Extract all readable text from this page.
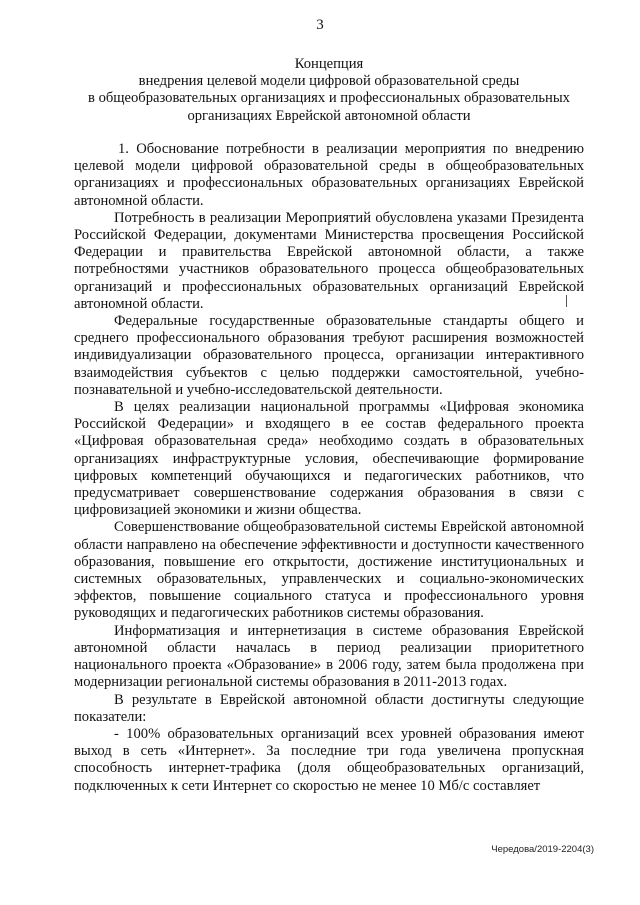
3
Концепция
внедрения целевой модели цифровой образовательной среды
в общеобразовательных организациях и профессиональных образовательных
организациях Еврейской автономной области

1. Обоснование потребности в реализации мероприятия по внедрению целевой модели цифровой образовательной среды в общеобразовательных организациях и профессиональных образовательных организациях Еврейской автономной области.

Потребность в реализации Мероприятий обусловлена указами Президента Российской Федерации, документами Министерства просвещения Российской Федерации и правительства Еврейской автономной области, а также потребностями участников образовательного процесса общеобразовательных организаций и профессиональных образовательных организаций Еврейской автономной области.

Федеральные государственные образовательные стандарты общего и среднего профессионального образования требуют расширения возможностей индивидуализации образовательного процесса, организации интерактивного взаимодействия субъектов с целью поддержки самостоятельной, учебно-познавательной и учебно-исследовательской деятельности.

В целях реализации национальной программы «Цифровая экономика Российской Федерации» и входящего в ее состав федерального проекта «Цифровая образовательная среда» необходимо создать в образовательных организациях инфраструктурные условия, обеспечивающие формирование цифровых компетенций обучающихся и педагогических работников, что предусматривает совершенствование содержания образования в связи с цифровизацией экономики и жизни общества.

Совершенствование общеобразовательной системы Еврейской автономной области направлено на обеспечение эффективности и доступности качественного образования, повышение его открытости, достижение институциональных и системных образовательных, управленческих и социально-экономических эффектов, повышение социального статуса и профессионального уровня руководящих и педагогических работников системы образования.

Информатизация и интернетизация в системе образования Еврейской автономной области началась в период реализации приоритетного национального проекта «Образование» в 2006 году, затем была продолжена при модернизации региональной системы образования в 2011-2013 годах.

В результате в Еврейской автономной области достигнуты следующие показатели:

- 100% образовательных организаций всех уровней образования имеют выход в сеть «Интернет». За последние три года увеличена пропускная способность интернет-трафика (доля общеобразовательных организаций, подключенных к сети Интернет со скоростью не менее 10 Мб/с составляет

Чередова/2019-2204(3)
